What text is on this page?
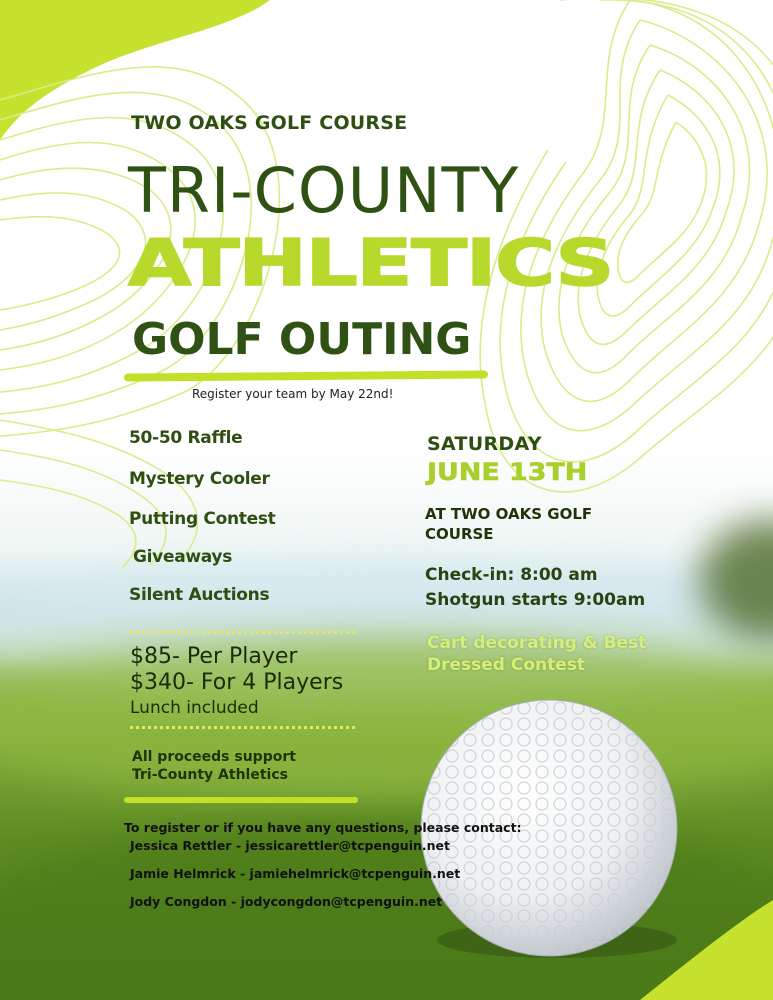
TWO OAKS GOLF COURSE
TRI-COUNTY
ATHLETICS
GOLF OUTING
Register your team by May 22nd!
50-50 Raffle
Mystery Cooler
Putting Contest
Giveaways
Silent Auctions
$85- Per Player
$340- For 4 Players
Lunch included
All proceeds support
Tri-County Athletics
SATURDAY
JUNE 13TH
AT TWO OAKS GOLF
COURSE
Check-in: 8:00 am
Shotgun starts 9:00am
Cart decorating & Best
Dressed Contest
To register or if you have any questions, please contact:
Jessica Rettler - jessicarettler@tcpenguin.net
Jamie Helmrick - jamiehelmrick@tcpenguin.net
Jody Congdon - jodycongdon@tcpenguin.net
